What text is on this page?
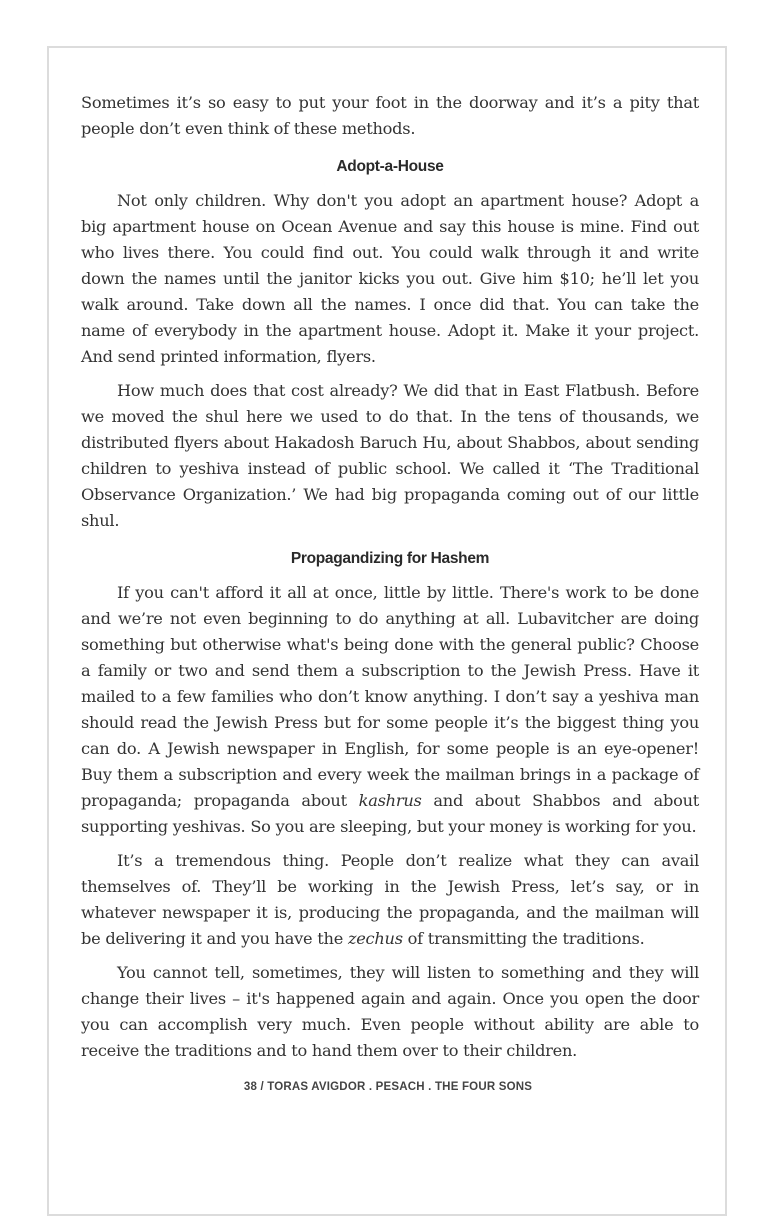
Sometimes it’s so easy to put your foot in the doorway and it’s a pity that people don’t even think of these methods.

Adopt-a-House

Not only children. Why don't you adopt an apartment house? Adopt a big apartment house on Ocean Avenue and say this house is mine. Find out who lives there. You could find out. You could walk through it and write down the names until the janitor kicks you out. Give him $10; he’ll let you walk around. Take down all the names. I once did that. You can take the name of everybody in the apartment house. Adopt it. Make it your project. And send printed information, flyers.

How much does that cost already? We did that in East Flatbush. Before we moved the shul here we used to do that. In the tens of thousands, we distributed flyers about Hakadosh Baruch Hu, about Shabbos, about sending children to yeshiva instead of public school. We called it ‘The Traditional Observance Organization.’ We had big propaganda coming out of our little shul.

Propagandizing for Hashem

If you can't afford it all at once, little by little. There's work to be done and we’re not even beginning to do anything at all. Lubavitcher are doing something but otherwise what's being done with the general public? Choose a family or two and send them a subscription to the Jewish Press. Have it mailed to a few families who don’t know anything. I don’t say a yeshiva man should read the Jewish Press but for some people it’s the biggest thing you can do. A Jewish newspaper in English, for some people is an eye-opener! Buy them a subscription and every week the mailman brings in a package of propaganda; propaganda about kashrus and about Shabbos and about supporting yeshivas. So you are sleeping, but your money is working for you.

It’s a tremendous thing. People don’t realize what they can avail themselves of. They’ll be working in the Jewish Press, let’s say, or in whatever newspaper it is, producing the propaganda, and the mailman will be delivering it and you have the zechus of transmitting the traditions.

You cannot tell, sometimes, they will listen to something and they will change their lives – it's happened again and again. Once you open the door you can accomplish very much. Even people without ability are able to receive the traditions and to hand them over to their children.

38 / TORAS AVIGDOR . PESACH . THE FOUR SONS
